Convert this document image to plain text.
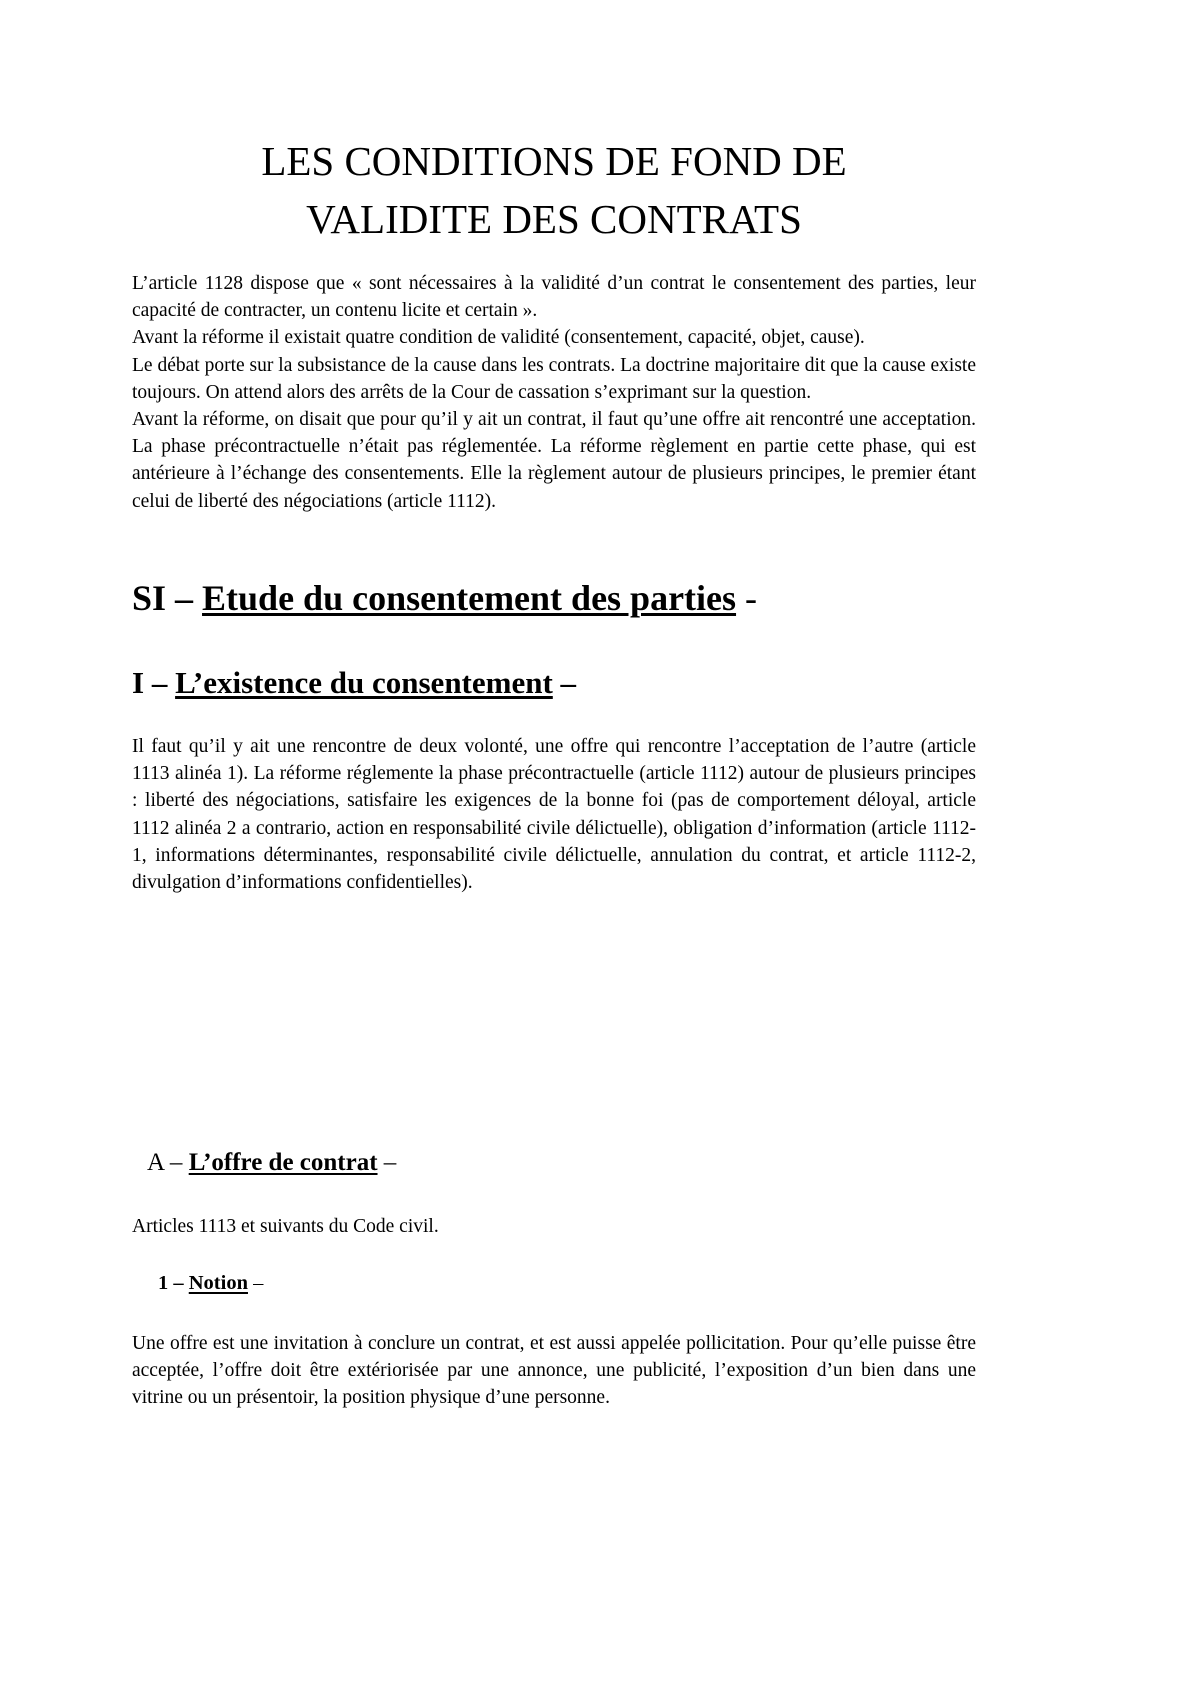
LES CONDITIONS DE FOND DE
VALIDITE DES CONTRATS

L’article 1128 dispose que « sont nécessaires à la validité d’un contrat le consentement des parties, leur capacité de contracter, un contenu licite et certain ».

Avant la réforme il existait quatre condition de validité (consentement, capacité, objet, cause).

Le débat porte sur la subsistance de la cause dans les contrats. La doctrine majoritaire dit que la cause existe toujours. On attend alors des arrêts de la Cour de cassation s’exprimant sur la question.

Avant la réforme, on disait que pour qu’il y ait un contrat, il faut qu’une offre ait rencontré une acceptation. La phase précontractuelle n’était pas réglementée. La réforme règlement en partie cette phase, qui est antérieure à l’échange des consentements. Elle la règlement autour de plusieurs principes, le premier étant celui de liberté des négociations (article 1112).

SI – Etude du consentement des parties -
I – L’existence du consentement –

Il faut qu’il y ait une rencontre de deux volonté, une offre qui rencontre l’acceptation de l’autre (article 1113 alinéa 1). La réforme réglemente la phase précontractuelle (article 1112) autour de plusieurs principes : liberté des négociations, satisfaire les exigences de la bonne foi (pas de comportement déloyal, article 1112 alinéa 2 a contrario, action en responsabilité civile délictuelle), obligation d’information (article 1112-1, informations déterminantes, responsabilité civile délictuelle, annulation du contrat, et article 1112-2, divulgation d’informations confidentielles).

A – L’offre de contrat –

Articles 1113 et suivants du Code civil.

1 – Notion –

Une offre est une invitation à conclure un contrat, et est aussi appelée pollicitation. Pour qu’elle puisse être acceptée, l’offre doit être extériorisée par une annonce, une publicité, l’exposition d’un bien dans une vitrine ou un présentoir, la position physique d’une personne.
